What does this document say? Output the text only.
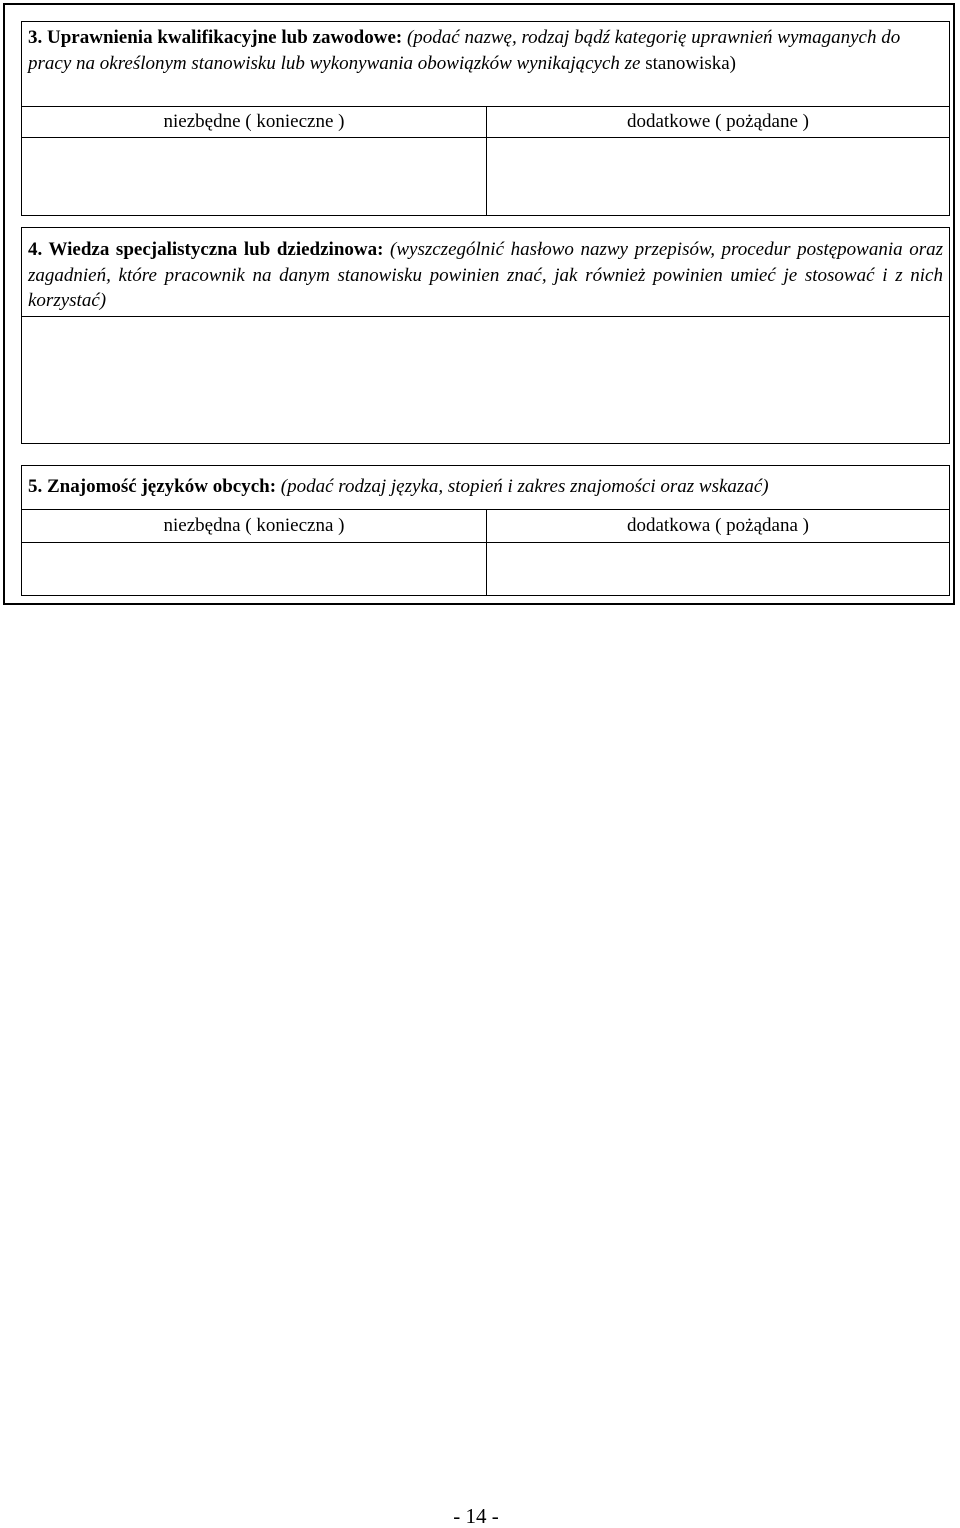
3. Uprawnienia kwalifikacyjne lub zawodowe: (podać nazwę, rodzaj bądź kategorię uprawnień wymaganych do pracy na określonym stanowisku lub wykonywania obowiązków wynikających ze stanowiska)
niezbędne ( konieczne )	dodatkowe ( pożądane )
4. Wiedza specjalistyczna lub dziedzinowa: (wyszczególnić hasłowo nazwy przepisów, procedur postępowania oraz zagadnień, które pracownik na danym stanowisku powinien znać, jak również powinien umieć je stosować i z nich korzystać)
5. Znajomość języków obcych: (podać rodzaj języka, stopień i zakres znajomości oraz wskazać)
niezbędna ( konieczna )	dodatkowa ( pożądana )
- 14 -
